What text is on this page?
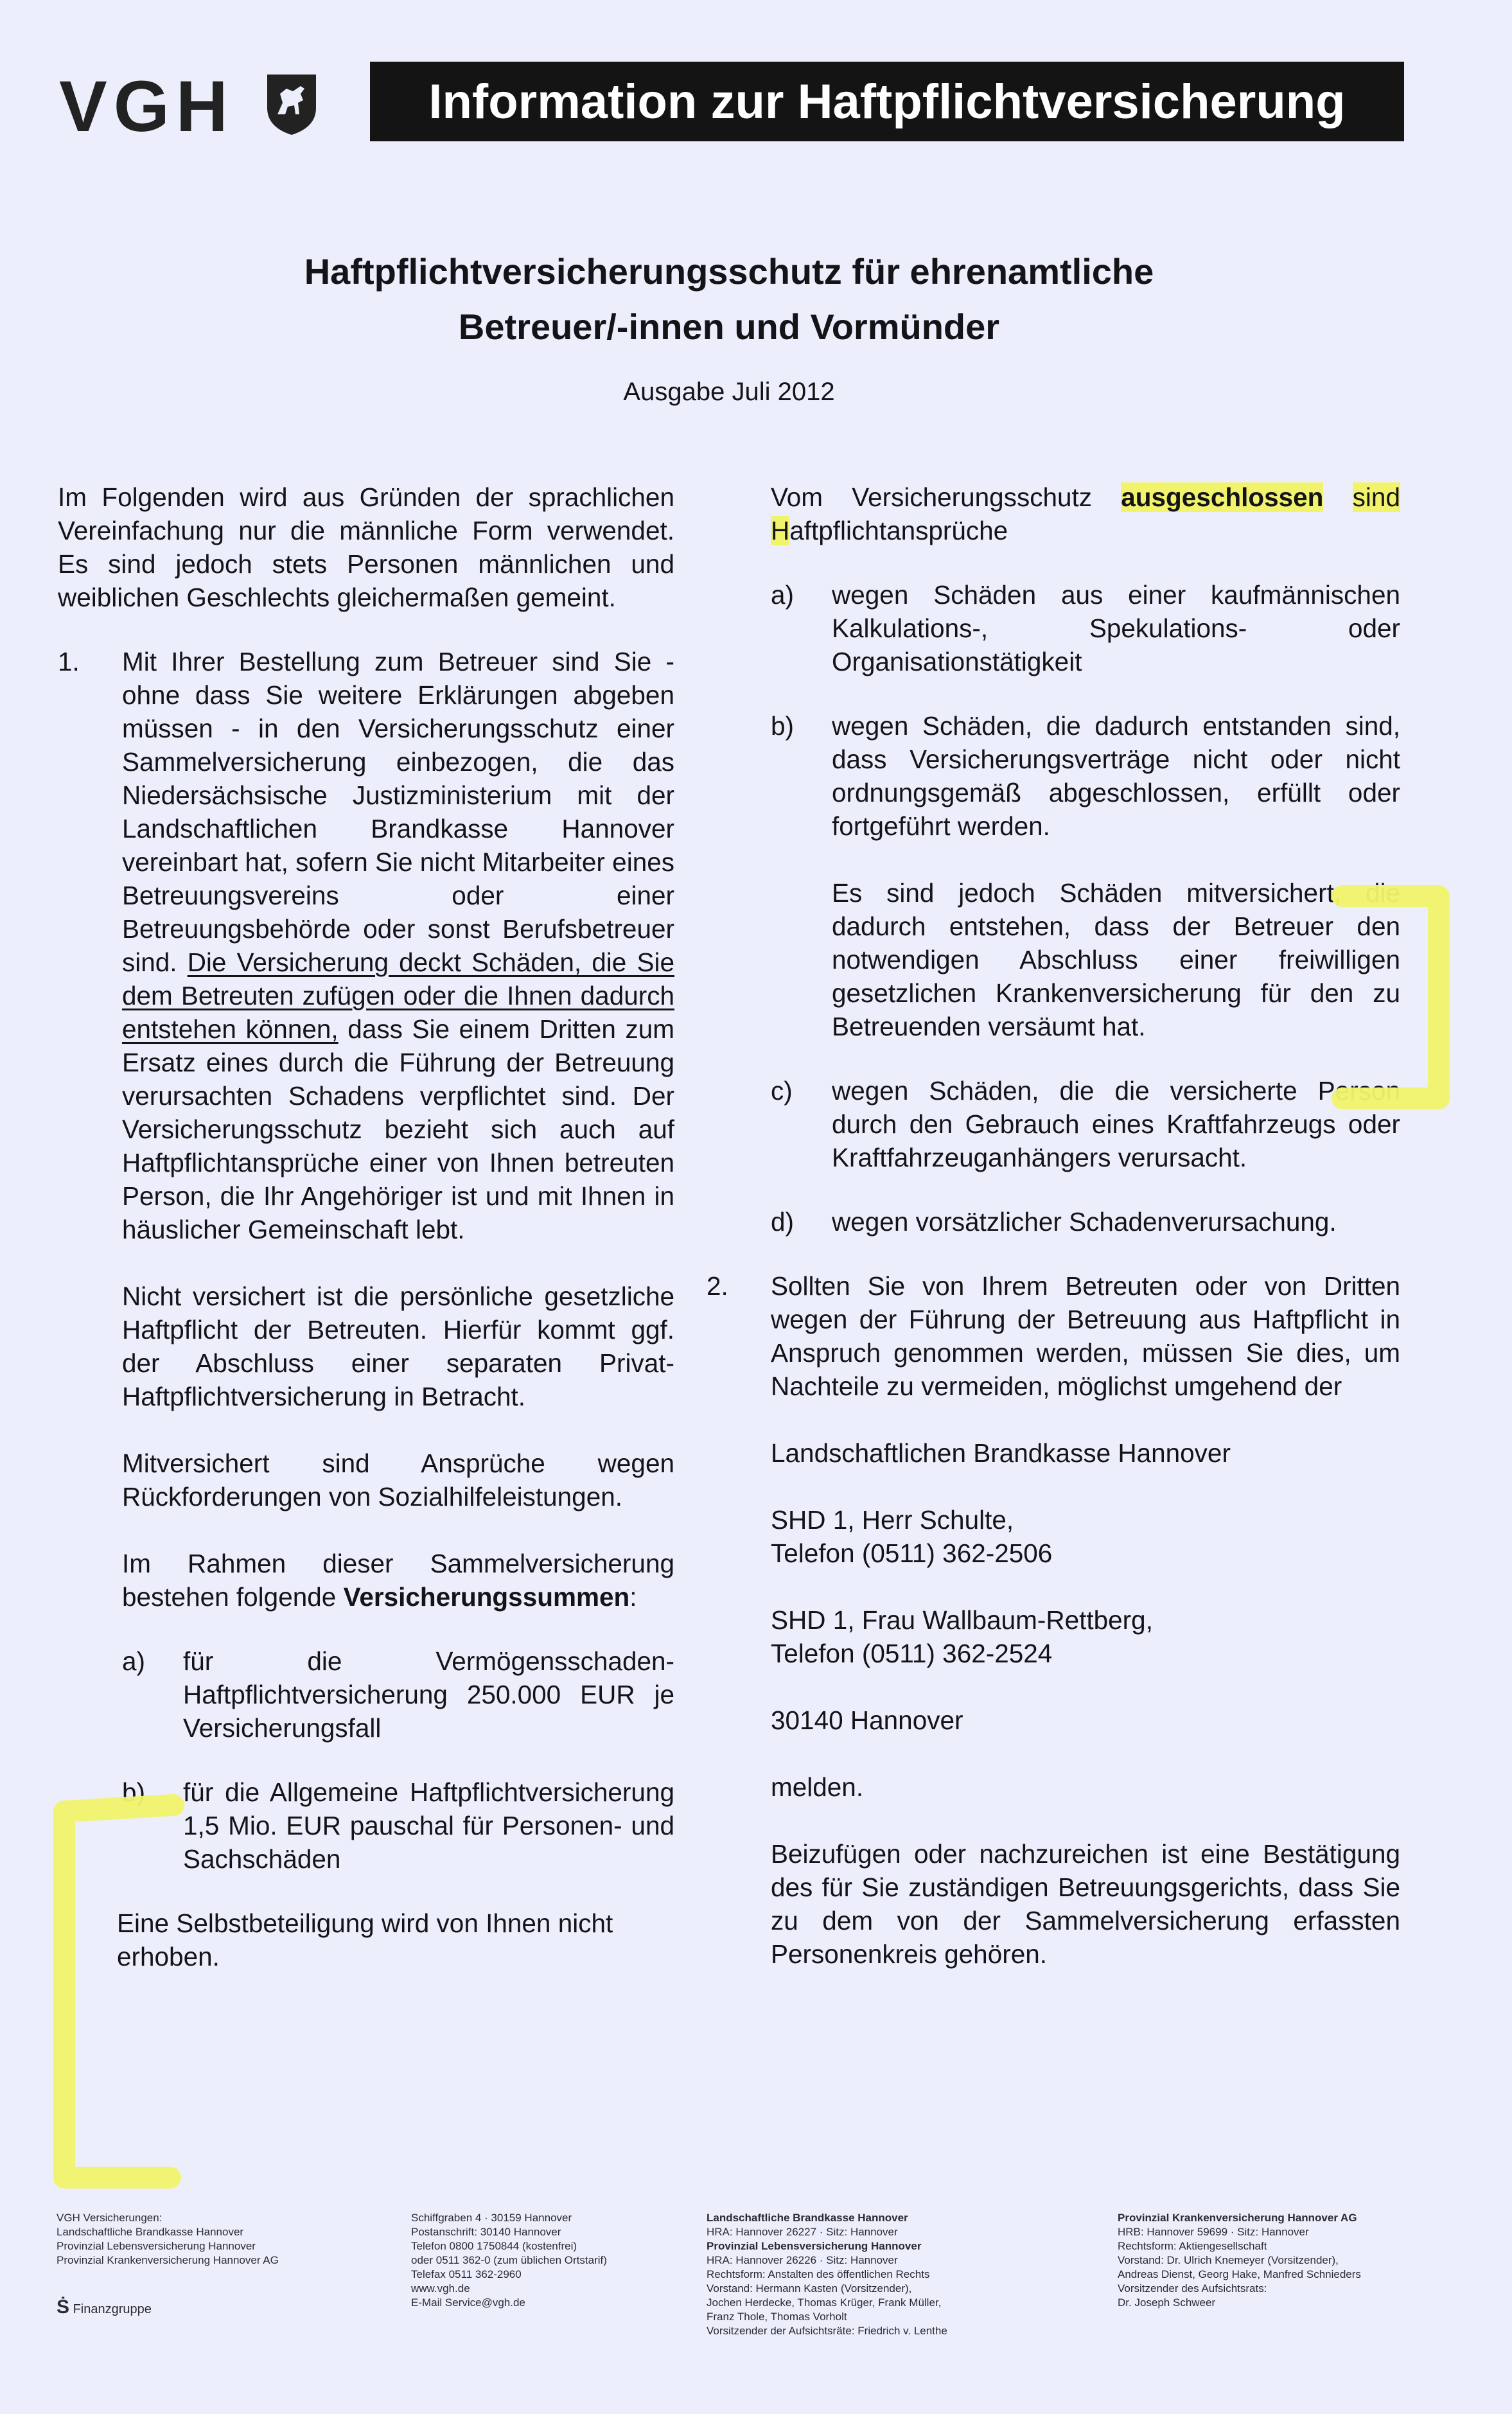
VGH	Information zur Haftpflichtversicherung
Haftpflichtversicherungsschutz für ehrenamtliche
Betreuer/-innen und Vormünder
Ausgabe Juli 2012

Im Folgenden wird aus Gründen der sprachlichen Vereinfachung nur die männliche Form verwendet. Es sind jedoch stets Personen männlichen und weiblichen Geschlechts gleichermaßen gemeint.

1. Mit Ihrer Bestellung zum Betreuer sind Sie - ohne dass Sie weitere Erklärungen abgeben müssen - in den Versicherungsschutz einer Sammelversicherung einbezogen, die das Niedersächsische Justizministerium mit der Landschaftlichen Brandkasse Hannover vereinbart hat, sofern Sie nicht Mitarbeiter eines Betreuungsvereins oder einer Betreuungsbehörde oder sonst Berufsbetreuer sind. Die Versicherung deckt Schäden, die Sie dem Betreuten zufügen oder die Ihnen dadurch entstehen können, dass Sie einem Dritten zum Ersatz eines durch die Führung der Betreuung verursachten Schadens verpflichtet sind. Der Versicherungsschutz bezieht sich auch auf Haftpflichtansprüche einer von Ihnen betreuten Person, die Ihr Angehöriger ist und mit Ihnen in häuslicher Gemeinschaft lebt.

Nicht versichert ist die persönliche gesetzliche Haftpflicht der Betreuten. Hierfür kommt ggf. der Abschluss einer separaten Privat-Haftpflichtversicherung in Betracht.

Mitversichert sind Ansprüche wegen Rückforderungen von Sozialhilfeleistungen.

Im Rahmen dieser Sammelversicherung bestehen folgende Versicherungssummen:

a) für die Vermögensschaden-Haftpflichtversicherung 250.000 EUR je Versicherungsfall

b) für die Allgemeine Haftpflichtversicherung 1,5 Mio. EUR pauschal für Personen- und Sachschäden

Eine Selbstbeteiligung wird von Ihnen nicht erhoben.

Vom Versicherungsschutz ausgeschlossen sind Haftpflichtansprüche

a) wegen Schäden aus einer kaufmännischen Kalkulations-, Spekulations- oder Organisationstätigkeit

b) wegen Schäden, die dadurch entstanden sind, dass Versicherungsverträge nicht oder nicht ordnungsgemäß abgeschlossen, erfüllt oder fortgeführt werden.

Es sind jedoch Schäden mitversichert, die dadurch entstehen, dass der Betreuer den notwendigen Abschluss einer freiwilligen gesetzlichen Krankenversicherung für den zu Betreuenden versäumt hat.

c) wegen Schäden, die die versicherte Person durch den Gebrauch eines Kraftfahrzeugs oder Kraftfahrzeuganhängers verursacht.

d) wegen vorsätzlicher Schadenverursachung.

2. Sollten Sie von Ihrem Betreuten oder von Dritten wegen der Führung der Betreuung aus Haftpflicht in Anspruch genommen werden, müssen Sie dies, um Nachteile zu vermeiden, möglichst umgehend der

Landschaftlichen Brandkasse Hannover

SHD 1, Herr Schulte,

Telefon (0511) 362-2506

SHD 1, Frau Wallbaum-Rettberg,

Telefon (0511) 362-2524

30140 Hannover

melden.

Beizufügen oder nachzureichen ist eine Bestätigung des für Sie zuständigen Betreuungsgerichts, dass Sie zu dem von der Sammelversicherung erfassten Personenkreis gehören.

VGH Versicherungen:
Landschaftliche Brandkasse Hannover
Provinzial Lebensversicherung Hannover
Provinzial Krankenversicherung Hannover AG
Ṡ Finanzgruppe
Schiffgraben 4 · 30159 Hannover
Postanschrift: 30140 Hannover
Telefon 0800 1750844 (kostenfrei)
oder 0511 362-0 (zum üblichen Ortstarif)
Telefax 0511 362-2960
www.vgh.de
E-Mail Service@vgh.de
Landschaftliche Brandkasse Hannover
HRA: Hannover 26227 · Sitz: Hannover
Provinzial Lebensversicherung Hannover
HRA: Hannover 26226 · Sitz: Hannover
Rechtsform: Anstalten des öffentlichen Rechts
Vorstand: Hermann Kasten (Vorsitzender),
Jochen Herdecke, Thomas Krüger, Frank Müller,
Franz Thole, Thomas Vorholt
Vorsitzender der Aufsichtsräte: Friedrich v. Lenthe
Provinzial Krankenversicherung Hannover AG
HRB: Hannover 59699 · Sitz: Hannover
Rechtsform: Aktiengesellschaft
Vorstand: Dr. Ulrich Knemeyer (Vorsitzender),
Andreas Dienst, Georg Hake, Manfred Schnieders
Vorsitzender des Aufsichtsrats:
Dr. Joseph Schweer
